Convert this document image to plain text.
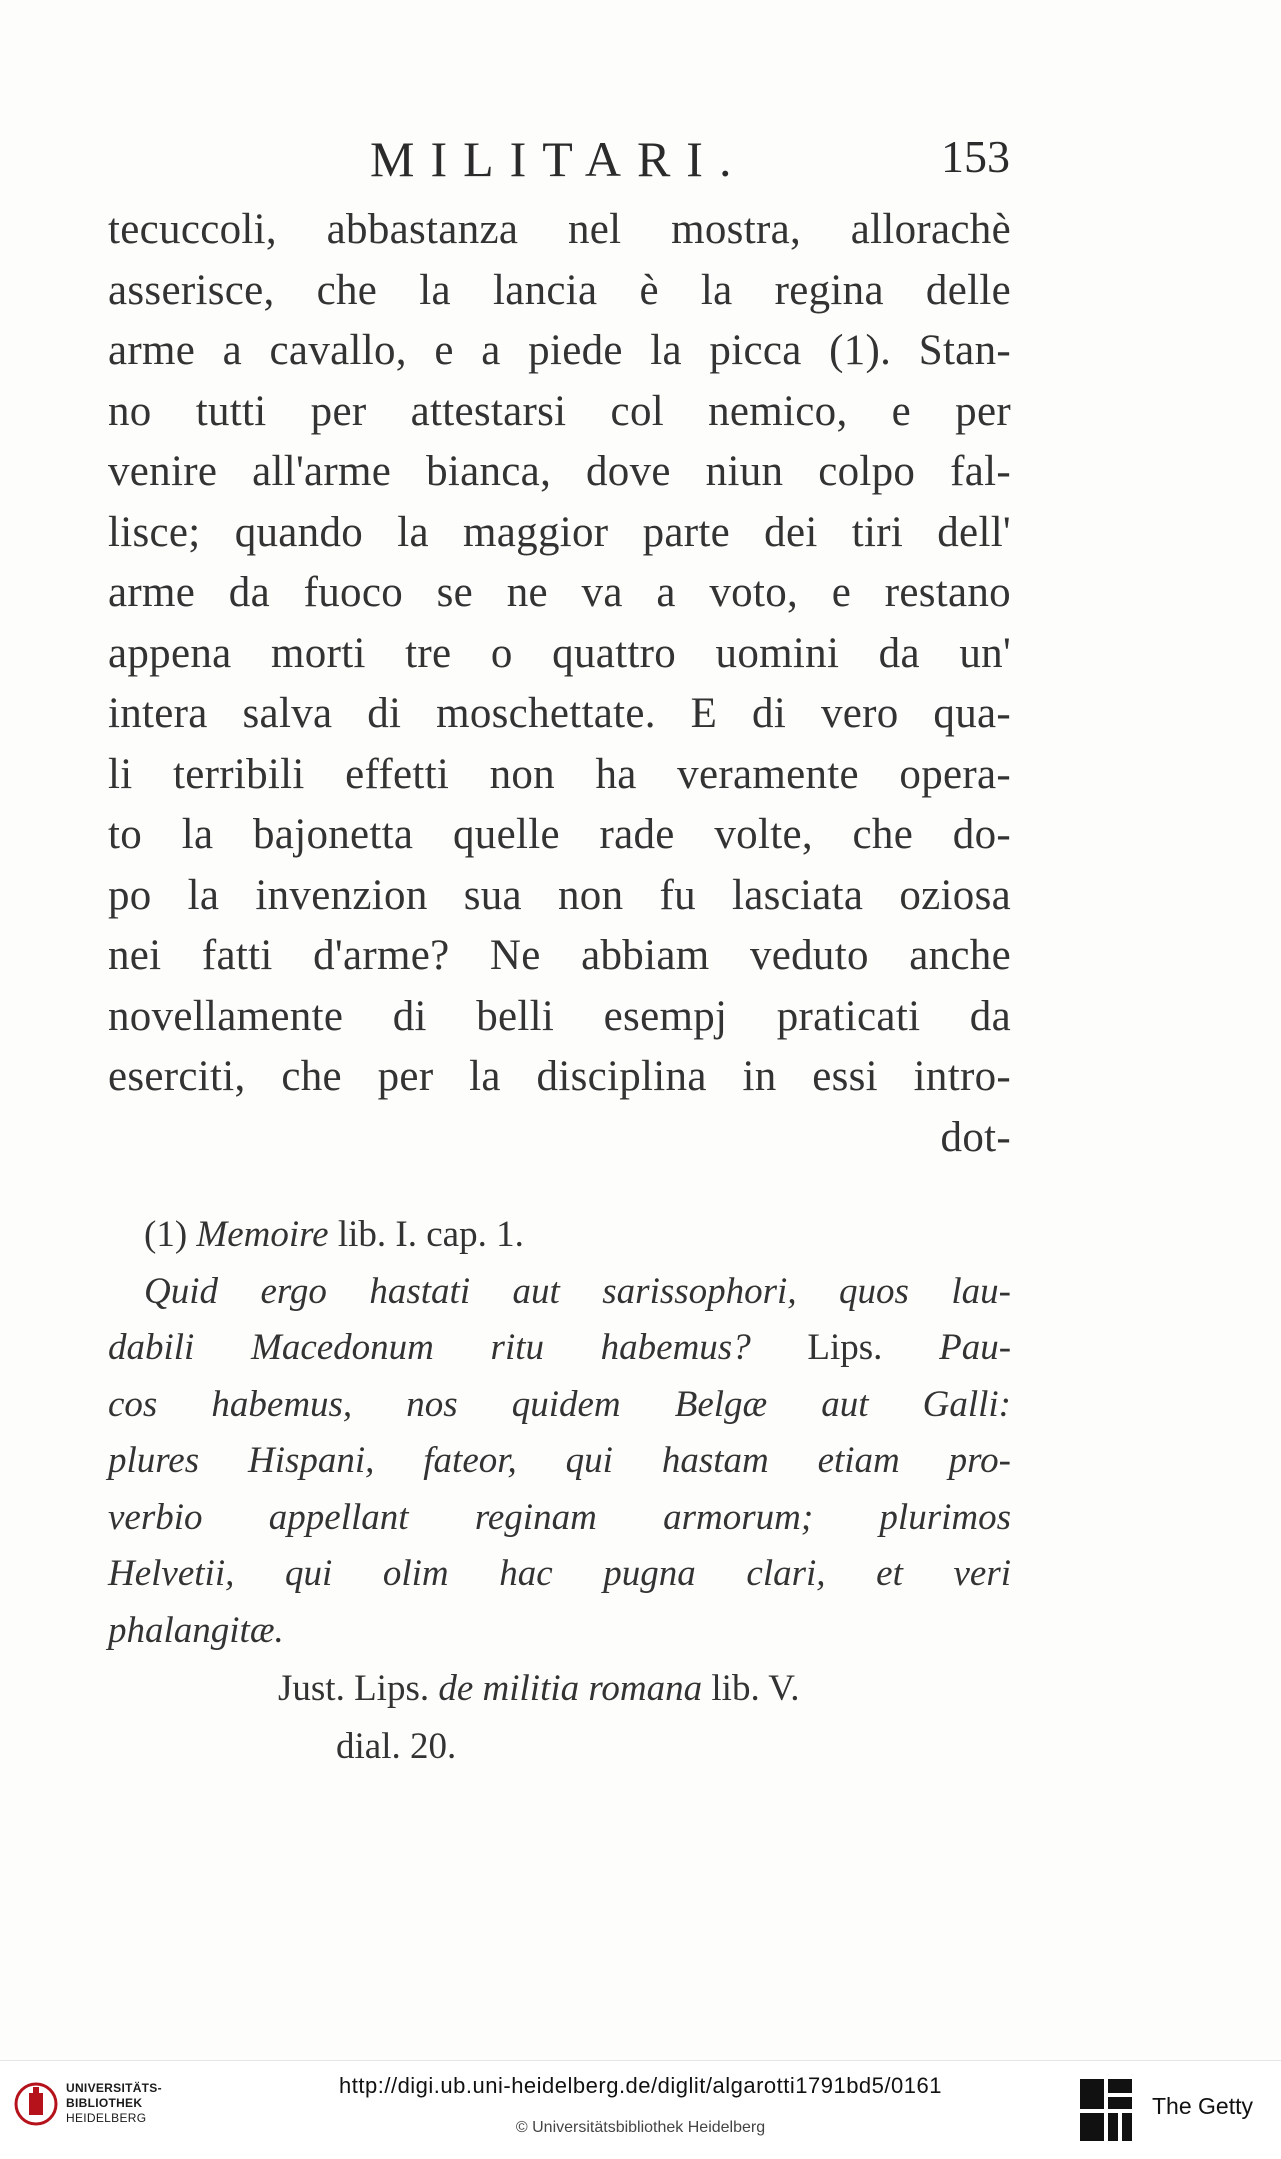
MILITARI.	153
tecuccoli, abbastanza nel mostra, allorachè
asserisce, che la lancia è la regina delle
arme a cavallo, e a piede la picca (1). Stan-
no tutti per attestarsi col nemico, e per
venire all'arme bianca, dove niun colpo fal-
lisce; quando la maggior parte dei tiri dell'
arme da fuoco se ne va a voto, e restano
appena morti tre o quattro uomini da un'
intera salva di moschettate. E di vero qua-
li terribili effetti non ha veramente opera-
to la bajonetta quelle rade volte, che do-
po la invenzion sua non fu lasciata oziosa
nei fatti d'arme? Ne abbiam veduto anche
novellamente di belli esempj praticati da
eserciti, che per la disciplina in essi intro-
dot-
(1) Memoire lib. I. cap. 1.
Quid ergo hastati aut sarissophori, quos lau-
dabili Macedonum ritu habemus? Lips. Pau-
cos habemus, nos quidem Belgæ aut Galli:
plures Hispani, fateor, qui hastam etiam pro-
verbio appellant reginam armorum; plurimos
Helvetii, qui olim hac pugna clari, et veri
phalangitæ.
Just. Lips. de militia romana lib. V.
dial. 20.
UNIVERSITÄTS-
BIBLIOTHEK
HEIDELBERG
http://digi.ub.uni-heidelberg.de/diglit/algarotti1791bd5/0161
© Universitätsbibliothek Heidelberg
The Getty
